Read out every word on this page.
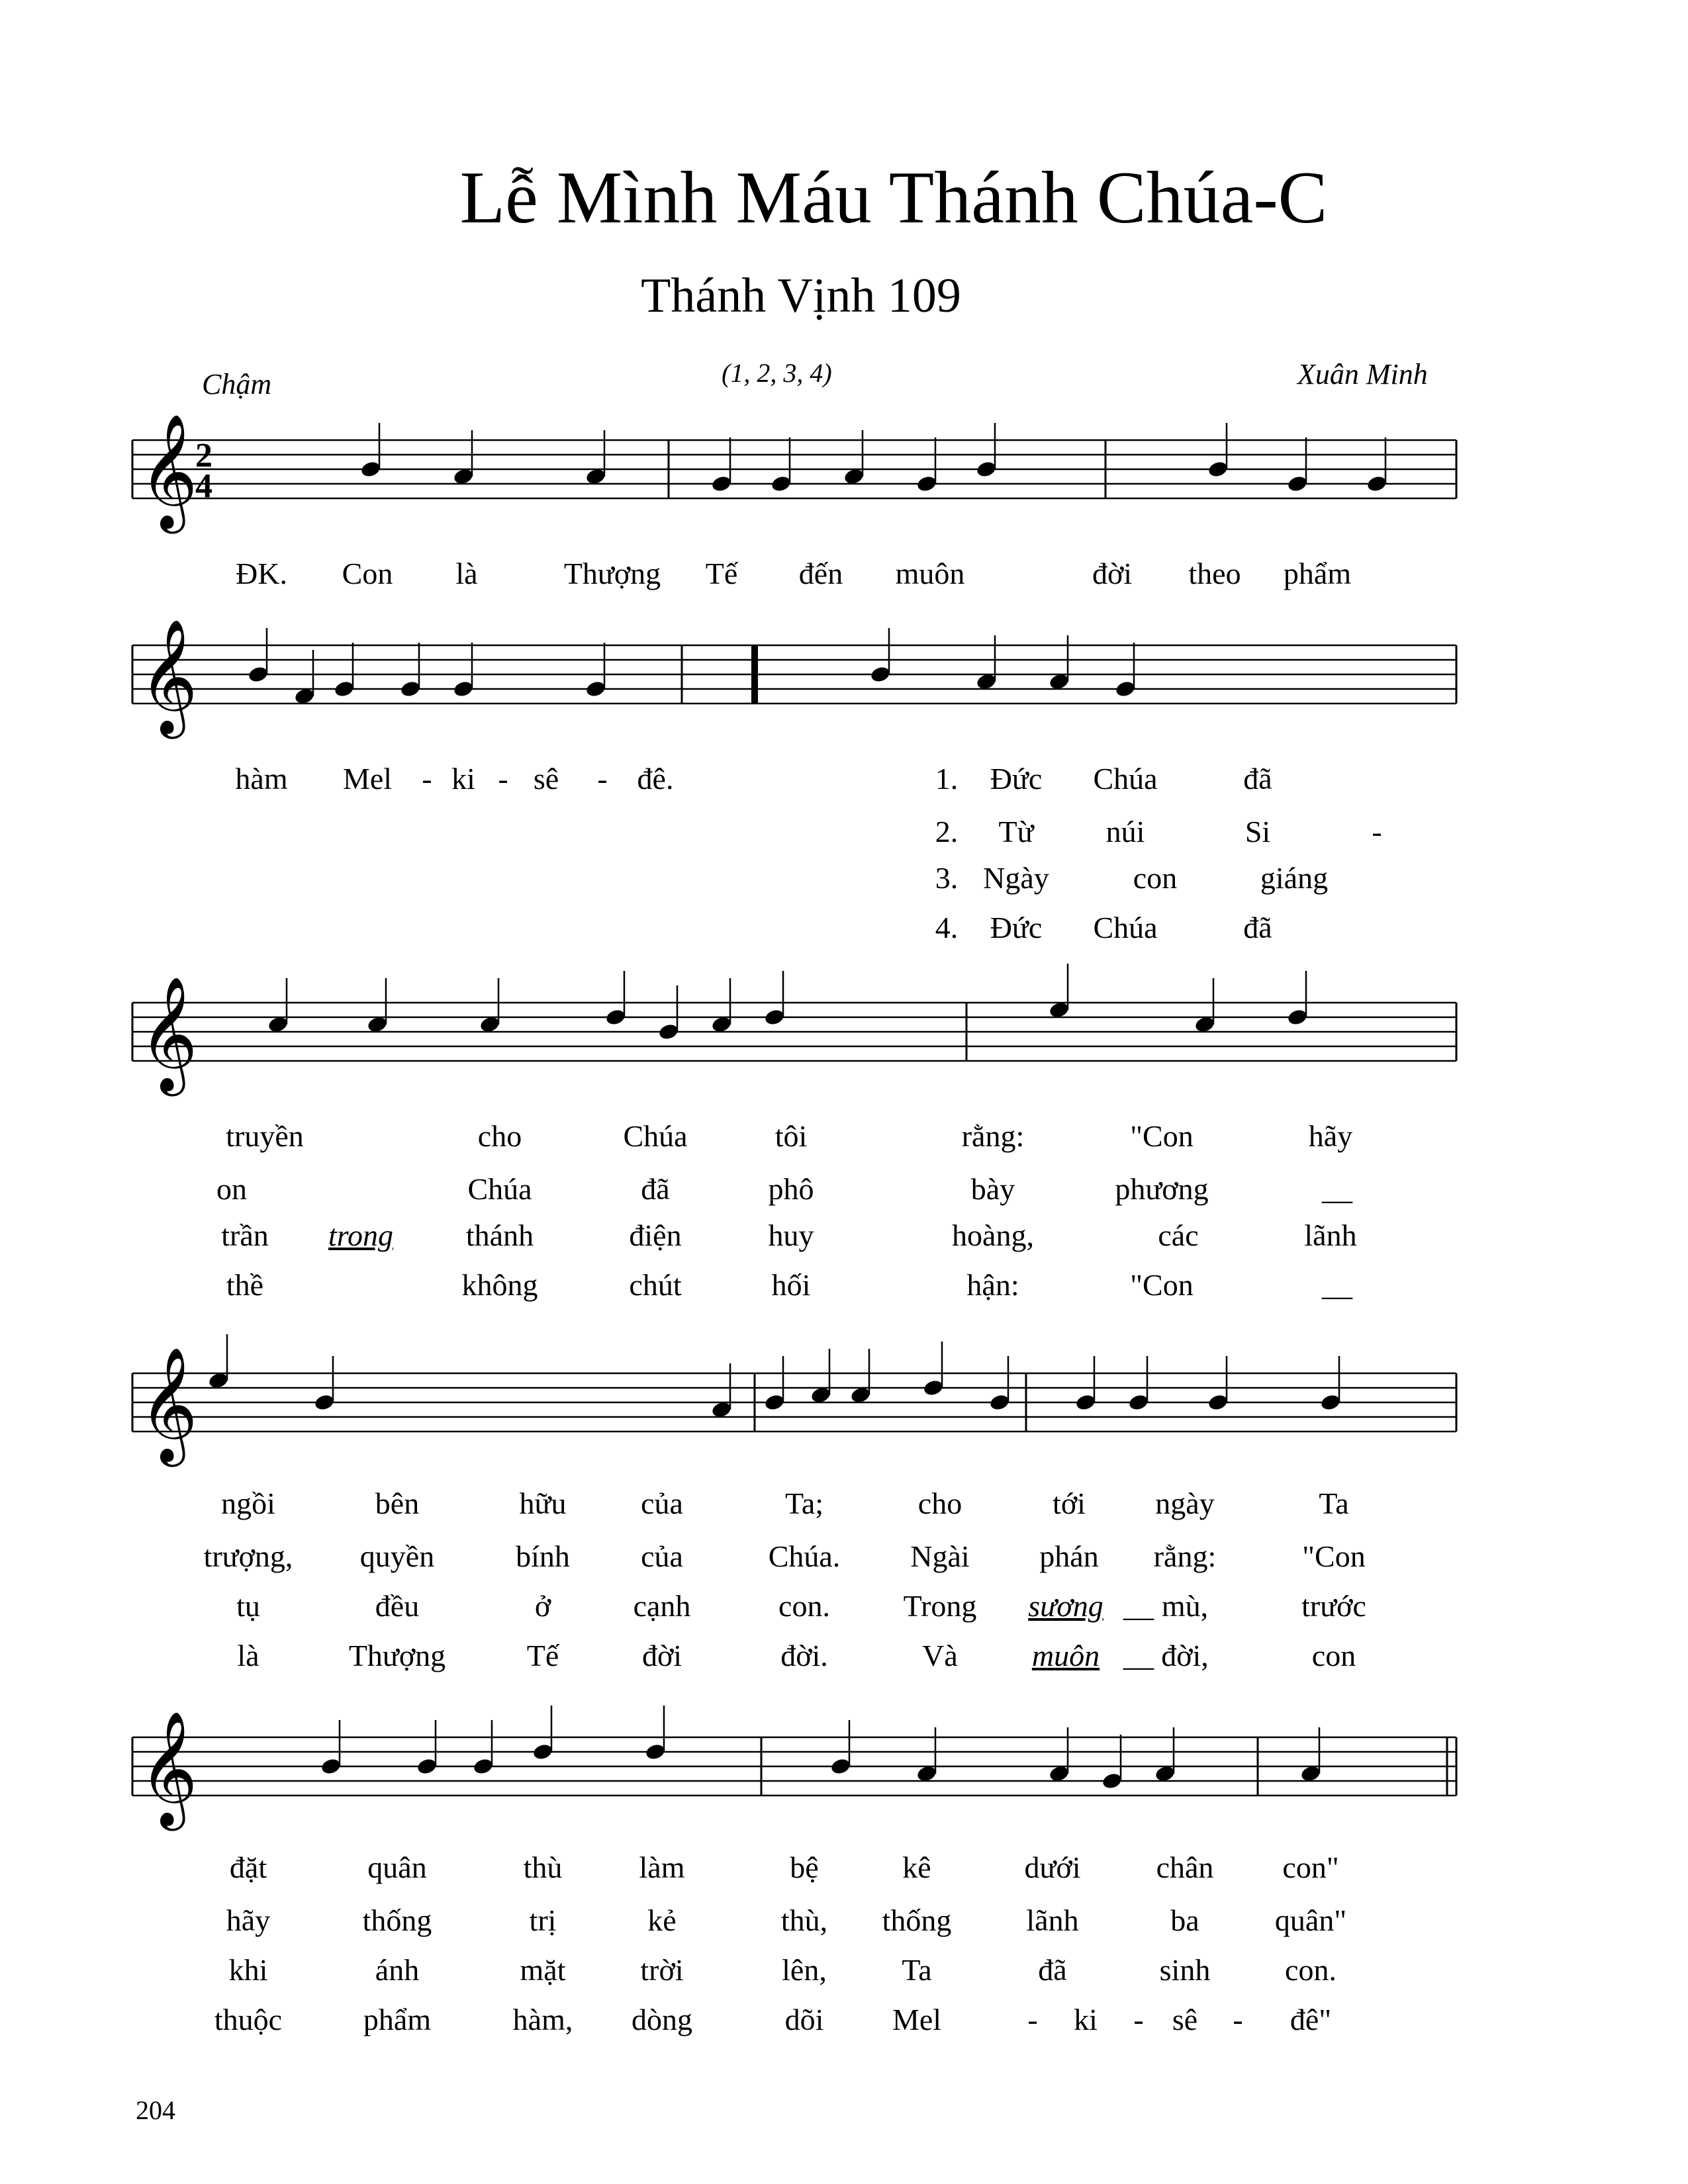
Lễ Mình Máu Thánh Chúa-C
Thánh Vịnh 109
Chậm	(1, 2, 3, 4)	Xuân Minh
204
𝄞
2
4
𝄞
𝄞
𝄞
𝄞
ĐK. Con là	Thượng Tế đến muôn	đời theo phẩm
hàm Mel - ki - sê - đê.	1. Đức Chúa	đã
2. Từ núi	Si	-
3. Ngày	con	giáng
4. Đức Chúa	đã
truyền	cho	Chúa	tôi	rằng:	"Con	hãy
on	Chúa	đã	phô	bày	phương	__
trần trong thánh	điện	huy	hoàng,	các	lãnh
thề	không	chút	hối	hận:	"Con	__
ngồi	bên	hữu của	Ta;	cho	tới ngày	Ta
trượng, quyền	bính của	Chúa. Ngài phán rằng:	"Con
tụ	đều	ở	cạnh	con. Trong sương __ mù,	trước
là	Thượng	Tế	đời	đời.	Và muôn __ đời,	con
đặt	quân	thù	làm	bệ	kê	dưới chân con"
hãy	thống	trị	kẻ	thù, thống lãnh	ba quân"
khi	ánh	mặt trời	lên, Ta	đã	sinh con.
thuộc	phẩm	hàm, dòng	dõi Mel	- ki - sê - đê"
